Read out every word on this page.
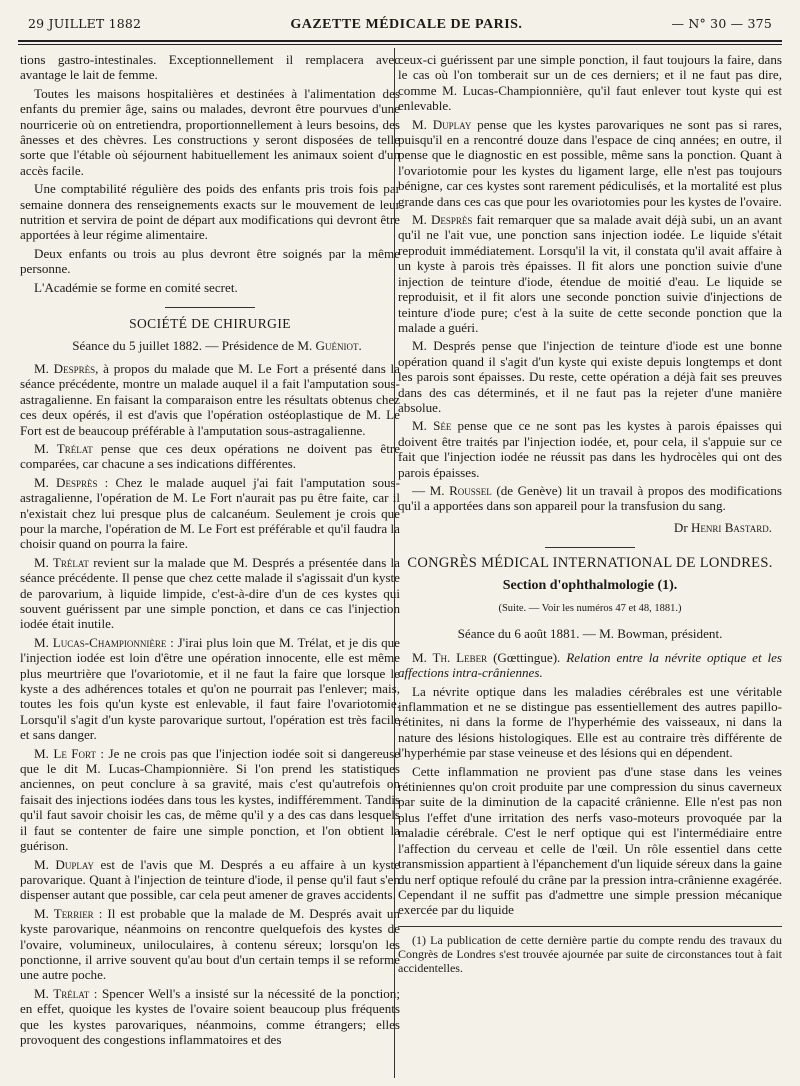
29 JUILLET 1882	GAZETTE MÉDICALE DE PARIS.	— N° 30 — 375

tions gastro-intestinales. Exceptionnellement il remplacera avec avantage le lait de femme.

Toutes les maisons hospitalières et destinées à l'alimentation des enfants du premier âge, sains ou malades, devront être pourvues d'une nourricerie où on entretiendra, proportionnellement à leurs besoins, des ânesses et des chèvres. Les constructions y seront disposées de telle sorte que l'étable où séjournent habituellement les animaux soient d'un accès facile.

Une comptabilité régulière des poids des enfants pris trois fois par semaine donnera des renseignements exacts sur le mouvement de leur nutrition et servira de point de départ aux modifications qui devront être apportées à leur régime alimentaire.

Deux enfants ou trois au plus devront être soignés par la même personne.

L'Académie se forme en comité secret.

SOCIÉTÉ DE CHIRURGIE

Séance du 5 juillet 1882. — Présidence de M. Guéniot.

M. Desprès, à propos du malade que M. Le Fort a présenté dans la séance précédente, montre un malade auquel il a fait l'amputation sous-astragalienne. En faisant la comparaison entre les résultats obtenus chez ces deux opérés, il est d'avis que l'opération ostéoplastique de M. Le Fort est de beaucoup préférable à l'amputation sous-astragalienne.

M. Trélat pense que ces deux opérations ne doivent pas être comparées, car chacune a ses indications différentes.

M. Desprès : Chez le malade auquel j'ai fait l'amputation sous-astragalienne, l'opération de M. Le Fort n'aurait pas pu être faite, car il n'existait chez lui presque plus de calcanéum. Seulement je crois que pour la marche, l'opération de M. Le Fort est préférable et qu'il faudra la choisir quand on pourra la faire.

M. Trélat revient sur la malade que M. Després a présentée dans la séance précédente. Il pense que chez cette malade il s'agissait d'un kyste de parovarium, à liquide limpide, c'est-à-dire d'un de ces kystes qui souvent guérissent par une simple ponction, et dans ce cas l'injection iodée était inutile.

M. Lucas-Championnière : J'irai plus loin que M. Trélat, et je dis que l'injection iodée est loin d'être une opération innocente, elle est même plus meurtrière que l'ovariotomie, et il ne faut la faire que lorsque le kyste a des adhérences totales et qu'on ne pourrait pas l'enlever; mais, toutes les fois qu'un kyste est enlevable, il faut faire l'ovariotomie. Lorsqu'il s'agit d'un kyste parovarique surtout, l'opération est très facile et sans danger.

M. Le Fort : Je ne crois pas que l'injection iodée soit si dangereuse que le dit M. Lucas-Championnière. Si l'on prend les statistiques anciennes, on peut conclure à sa gravité, mais c'est qu'autrefois on faisait des injections iodées dans tous les kystes, indifféremment. Tandis qu'il faut savoir choisir les cas, de même qu'il y a des cas dans lesquels il faut se contenter de faire une simple ponction, et l'on obtient la guérison.

M. Duplay est de l'avis que M. Després a eu affaire à un kyste parovarique. Quant à l'injection de teinture d'iode, il pense qu'il faut s'en dispenser autant que possible, car cela peut amener de graves accidents.

M. Terrier : Il est probable que la malade de M. Després avait un kyste parovarique, néanmoins on rencontre quelquefois des kystes de l'ovaire, volumineux, uniloculaires, à contenu séreux; lorsqu'on les ponctionne, il arrive souvent qu'au bout d'un certain temps il se reforme une autre poche.

M. Trélat : Spencer Well's a insisté sur la nécessité de la ponction; en effet, quoique les kystes de l'ovaire soient beaucoup plus fréquents que les kystes parovariques, néanmoins, comme étrangers; elles provoquent des congestions inflammatoires et des

ceux-ci guérissent par une simple ponction, il faut toujours la faire, dans le cas où l'on tomberait sur un de ces derniers; et il ne faut pas dire, comme M. Lucas-Championnière, qu'il faut enlever tout kyste qui est enlevable.

M. Duplay pense que les kystes parovariques ne sont pas si rares, puisqu'il en a rencontré douze dans l'espace de cinq années; en outre, il pense que le diagnostic en est possible, même sans la ponction. Quant à l'ovariotomie pour les kystes du ligament large, elle n'est pas toujours bénigne, car ces kystes sont rarement pédiculisés, et la mortalité est plus grande dans ces cas que pour les ovariotomies pour les kystes de l'ovaire.

M. Desprès fait remarquer que sa malade avait déjà subi, un an avant qu'il ne l'ait vue, une ponction sans injection iodée. Le liquide s'était reproduit immédiatement. Lorsqu'il la vit, il constata qu'il avait affaire à un kyste à parois très épaisses. Il fit alors une ponction suivie d'une injection de teinture d'iode, étendue de moitié d'eau. Le liquide se reproduisit, et il fit alors une seconde ponction suivie d'injections de teinture d'iode pure; c'est à la suite de cette seconde ponction que la malade a guéri.

M. Després pense que l'injection de teinture d'iode est une bonne opération quand il s'agit d'un kyste qui existe depuis longtemps et dont les parois sont épaisses. Du reste, cette opération a déjà fait ses preuves dans des cas déterminés, et il ne faut pas la rejeter d'une manière absolue.

M. Sée pense que ce ne sont pas les kystes à parois épaisses qui doivent être traités par l'injection iodée, et, pour cela, il s'appuie sur ce fait que l'injection iodée ne réussit pas dans les hydrocèles qui ont des parois épaisses.

— M. Roussel (de Genève) lit un travail à propos des modifications qu'il a apportées dans son appareil pour la transfusion du sang.

Dr Henri Bastard.
CONGRÈS MÉDICAL INTERNATIONAL DE LONDRES.
Section d'ophthalmologie (1).
(Suite. — Voir les numéros 47 et 48, 1881.)
Séance du 6 août 1881. — M. Bowman, président.

M. Th. Leber (Gœttingue). Relation entre la névrite optique et les affections intra-crâniennes.

La névrite optique dans les maladies cérébrales est une véritable inflammation et ne se distingue pas essentiellement des autres papillo-rétinites, ni dans la forme de l'hyperhémie des vaisseaux, ni dans la nature des lésions histologiques. Elle est au contraire très différente de l'hyperhémie par stase veineuse et des lésions qui en dépendent.

Cette inflammation ne provient pas d'une stase dans les veines rétiniennes qu'on croit produite par une compression du sinus caverneux par suite de la diminution de la capacité crânienne. Elle n'est pas non plus l'effet d'une irritation des nerfs vaso-moteurs provoquée par la maladie cérébrale. C'est le nerf optique qui est l'intermédiaire entre l'affection du cerveau et celle de l'œil. Un rôle essentiel dans cette transmission appartient à l'épanchement d'un liquide séreux dans la gaine du nerf optique refoulé du crâne par la pression intra-crânienne exagérée. Cependant il ne suffit pas d'admettre une simple pression mécanique exercée par du liquide

(1) La publication de cette dernière partie du compte rendu des travaux du Congrès de Londres s'est trouvée ajournée par suite de circonstances tout à fait accidentelles.
